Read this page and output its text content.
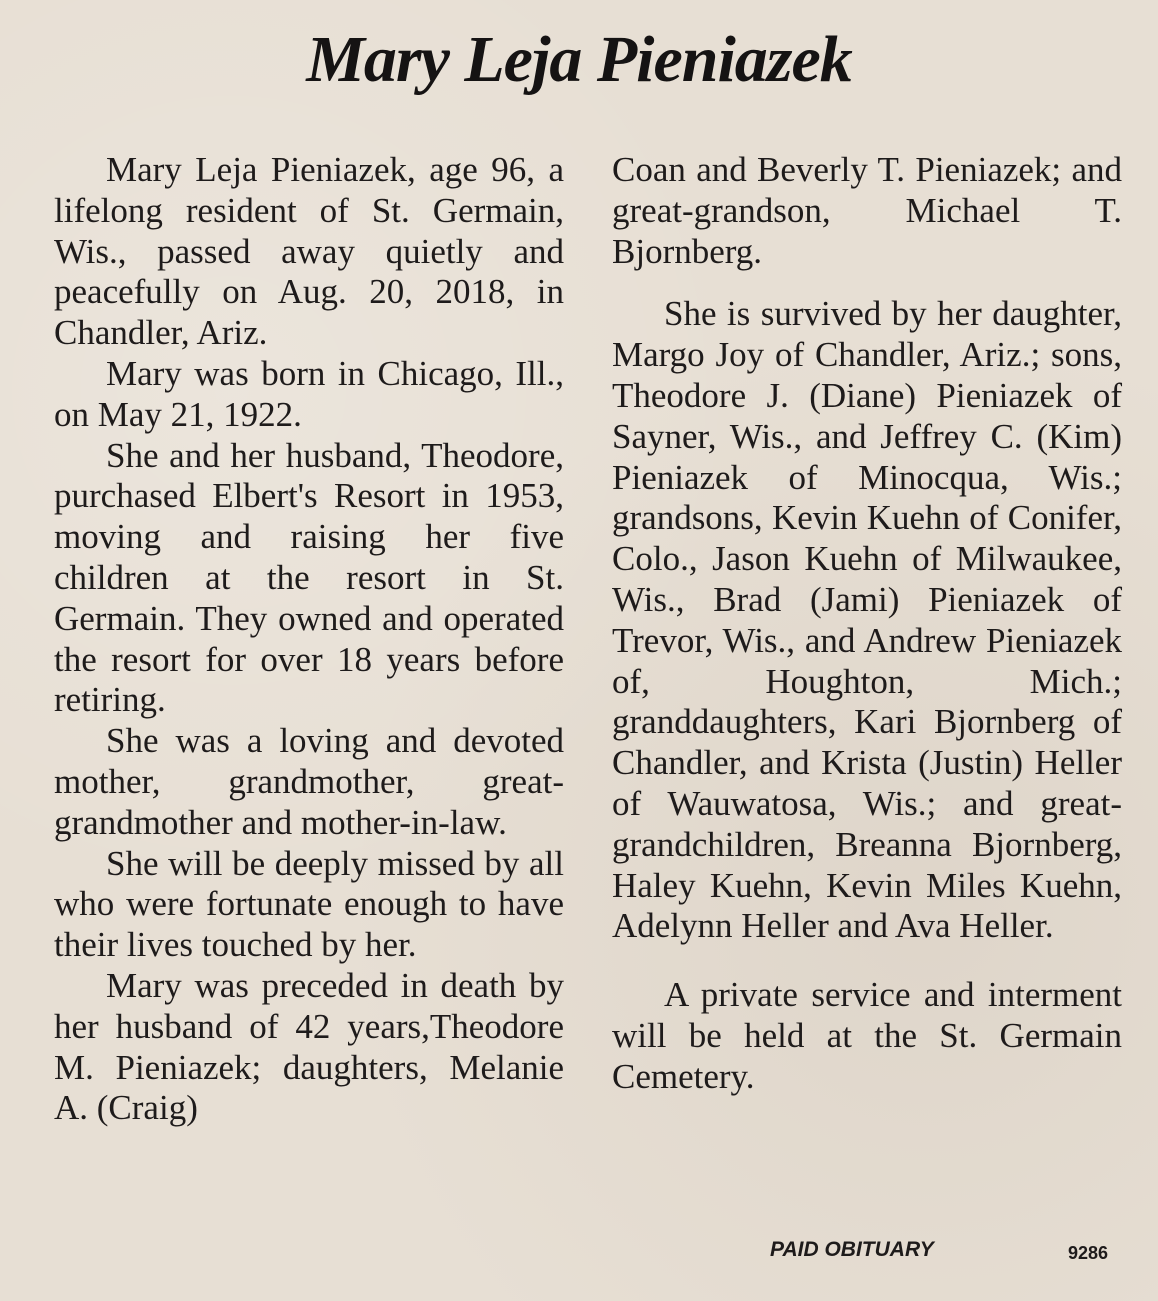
Mary Leja Pieniazek

Mary Leja Pieniazek, age 96, a lifelong resident of St. Germain, Wis., passed away quietly and peacefully on Aug. 20, 2018, in Chandler, Ariz.

Mary was born in Chicago, Ill., on May 21, 1922.

She and her husband, Theodore, purchased Elbert's Resort in 1953, moving and raising her five children at the resort in St. Germain. They owned and operated the resort for over 18 years before retiring.

She was a loving and devoted mother, grandmother, great-grandmother and mother-in-law.

She will be deeply missed by all who were fortunate enough to have their lives touched by her.

Mary was preceded in death by her husband of 42 years,Theodore M. Pieniazek; daughters, Melanie A. (Craig)

Coan and Beverly T. Pieniazek; and great-grandson, Michael T. Bjornberg.

She is survived by her daughter, Margo Joy of Chandler, Ariz.; sons, Theodore J. (Diane) Pieniazek of Sayner, Wis., and Jeffrey C. (Kim) Pieniazek of Minocqua, Wis.; grandsons, Kevin Kuehn of Conifer, Colo., Jason Kuehn of Milwaukee, Wis., Brad (Jami) Pieniazek of Trevor, Wis., and Andrew Pieniazek of, Houghton, Mich.; granddaughters, Kari Bjornberg of Chandler, and Krista (Justin) Heller of Wauwatosa, Wis.; and great-grandchildren, Breanna Bjornberg, Haley Kuehn, Kevin Miles Kuehn, Adelynn Heller and Ava Heller.

A private service and interment will be held at the St. Germain Cemetery.

PAID OBITUARY	9286
